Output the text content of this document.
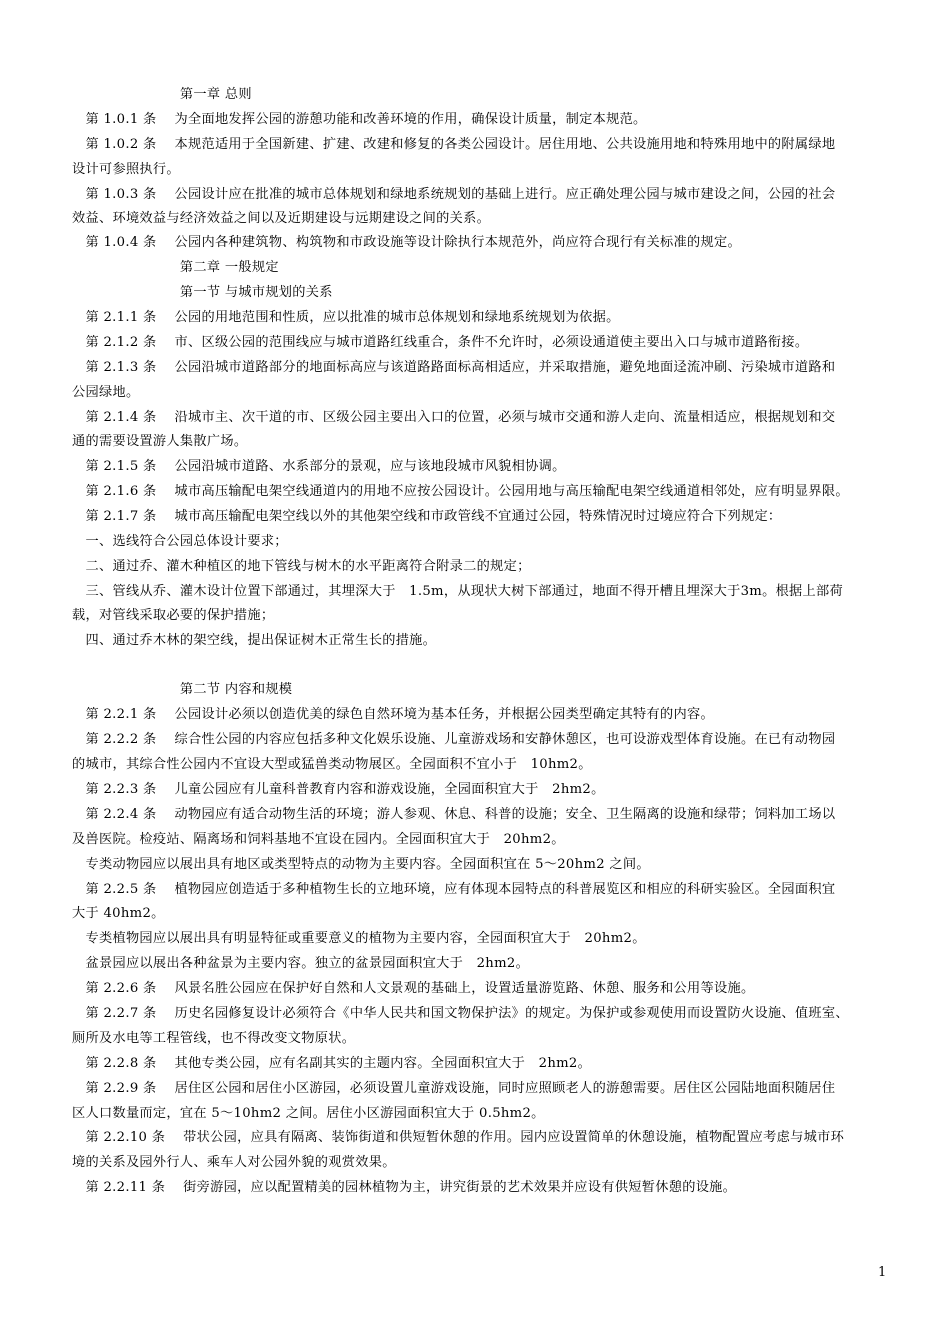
　　　　　　　　第一章 总则
　第 1.0.1 条　 为全面地发挥公园的游憩功能和改善环境的作用，确保设计质量，制定本规范。
　第 1.0.2 条　 本规范适用于全国新建、扩建、改建和修复的各类公园设计。居住用地、公共设施用地和特殊用地中的附属绿地
设计可参照执行。
　第 1.0.3 条　 公园设计应在批准的城市总体规划和绿地系统规划的基础上进行。应正确处理公园与城市建设之间，公园的社会
效益、环境效益与经济效益之间以及近期建设与远期建设之间的关系。
　第 1.0.4 条　 公园内各种建筑物、构筑物和市政设施等设计除执行本规范外，尚应符合现行有关标准的规定。
　　　　　　　　第二章 一般规定
　　　　　　　　第一节 与城市规划的关系
　第 2.1.1 条　 公园的用地范围和性质，应以批准的城市总体规划和绿地系统规划为依据。
　第 2.1.2 条　 市、区级公园的范围线应与城市道路红线重合，条件不允许时，必须设通道使主要出入口与城市道路衔接。
　第 2.1.3 条　 公园沿城市道路部分的地面标高应与该道路路面标高相适应，并采取措施，避免地面迳流冲刷、污染城市道路和
公园绿地。
　第 2.1.4 条　 沿城市主、次干道的市、区级公园主要出入口的位置，必须与城市交通和游人走向、流量相适应，根据规划和交
通的需要设置游人集散广场。
　第 2.1.5 条　 公园沿城市道路、水系部分的景观，应与该地段城市风貌相协调。
　第 2.1.6 条　 城市高压输配电架空线通道内的用地不应按公园设计。公园用地与高压输配电架空线通道相邻处，应有明显界限。
　第 2.1.7 条　 城市高压输配电架空线以外的其他架空线和市政管线不宜通过公园，特殊情况时过境应符合下列规定：
　一、选线符合公园总体设计要求；
　二、通过乔、灌木种植区的地下管线与树木的水平距离符合附录二的规定；
　三、管线从乔、灌木设计位置下部通过，其埋深大于　1.5m，从现状大树下部通过，地面不得开槽且埋深大于3m。根据上部荷
载，对管线采取必要的保护措施；
　四、通过乔木林的架空线，提出保证树木正常生长的措施。
　　　　　　　　第二节 内容和规模
　第 2.2.1 条　 公园设计必须以创造优美的绿色自然环境为基本任务，并根据公园类型确定其特有的内容。
　第 2.2.2 条　 综合性公园的内容应包括多种文化娱乐设施、儿童游戏场和安静休憩区，也可设游戏型体育设施。在已有动物园
的城市，其综合性公园内不宜设大型或猛兽类动物展区。全园面积不宜小于　10hm2。
　第 2.2.3 条　 儿童公园应有儿童科普教育内容和游戏设施，全园面积宜大于　2hm2。
　第 2.2.4 条　 动物园应有适合动物生活的环境；游人参观、休息、科普的设施；安全、卫生隔离的设施和绿带；饲料加工场以
及兽医院。检疫站、隔离场和饲料基地不宜设在园内。全园面积宜大于　20hm2。
　专类动物园应以展出具有地区或类型特点的动物为主要内容。全园面积宜在 5～20hm2 之间。
　第 2.2.5 条　 植物园应创造适于多种植物生长的立地环境，应有体现本园特点的科普展览区和相应的科研实验区。全园面积宜
大于 40hm2。
　专类植物园应以展出具有明显特征或重要意义的植物为主要内容，全园面积宜大于　20hm2。
　盆景园应以展出各种盆景为主要内容。独立的盆景园面积宜大于　2hm2。
　第 2.2.6 条　 风景名胜公园应在保护好自然和人文景观的基础上，设置适量游览路、休憩、服务和公用等设施。
　第 2.2.7 条　 历史名园修复设计必须符合《中华人民共和国文物保护法》的规定。为保护或参观使用而设置防火设施、值班室、
厕所及水电等工程管线，也不得改变文物原状。
　第 2.2.8 条　 其他专类公园，应有名副其实的主题内容。全园面积宜大于　2hm2。
　第 2.2.9 条　 居住区公园和居住小区游园，必须设置儿童游戏设施，同时应照顾老人的游憩需要。居住区公园陆地面积随居住
区人口数量而定，宜在 5～10hm2 之间。居住小区游园面积宜大于 0.5hm2。
　第 2.2.10 条　 带状公园，应具有隔离、装饰街道和供短暂休憩的作用。园内应设置简单的休憩设施，植物配置应考虑与城市环
境的关系及园外行人、乘车人对公园外貌的观赏效果。
　第 2.2.11 条　 街旁游园，应以配置精美的园林植物为主，讲究街景的艺术效果并应设有供短暂休憩的设施。
1
